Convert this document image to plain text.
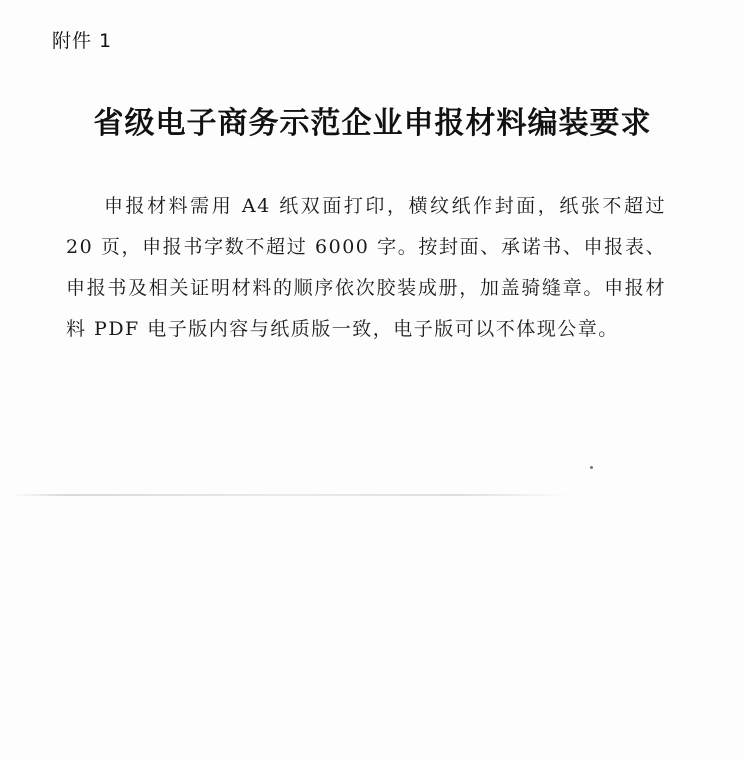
附件 1
省级电子商务示范企业申报材料编装要求

申报材料需用 A4 纸双面打印，横纹纸作封面，纸张不超过 20 页，申报书字数不超过 6000 字。按封面、承诺书、申报表、申报书及相关证明材料的顺序依次胶装成册，加盖骑缝章。申报材料 PDF 电子版内容与纸质版一致，电子版可以不体现公章。
